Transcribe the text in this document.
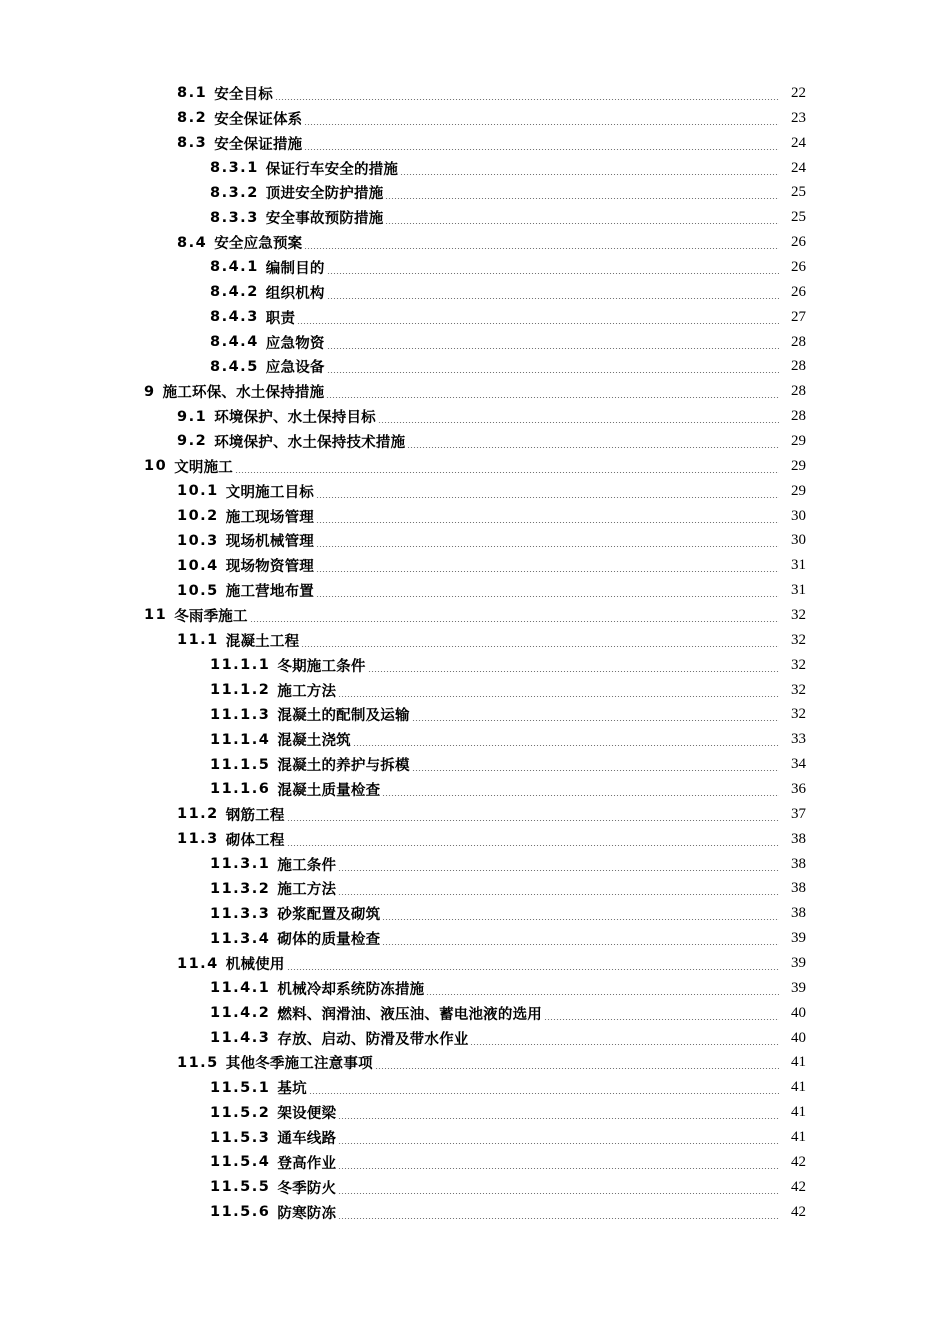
8.1 安全目标	22
8.2 安全保证体系	23
8.3 安全保证措施	24
8.3.1 保证行车安全的措施	24
8.3.2 顶进安全防护措施	25
8.3.3 安全事故预防措施	25
8.4 安全应急预案	26
8.4.1 编制目的	26
8.4.2 组织机构	26
8.4.3 职责	27
8.4.4 应急物资	28
8.4.5 应急设备	28
9 施工环保、水土保持措施	28
9.1 环境保护、水土保持目标	28
9.2 环境保护、水土保持技术措施	29
10 文明施工	29
10.1 文明施工目标	29
10.2 施工现场管理	30
10.3 现场机械管理	30
10.4 现场物资管理	31
10.5 施工营地布置	31
11 冬雨季施工	32
11.1 混凝土工程	32
11.1.1 冬期施工条件	32
11.1.2 施工方法	32
11.1.3 混凝土的配制及运输	32
11.1.4 混凝土浇筑	33
11.1.5 混凝土的养护与拆模	34
11.1.6 混凝土质量检查	36
11.2 钢筋工程	37
11.3 砌体工程	38
11.3.1 施工条件	38
11.3.2 施工方法	38
11.3.3 砂浆配置及砌筑	38
11.3.4 砌体的质量检查	39
11.4 机械使用	39
11.4.1 机械冷却系统防冻措施	39
11.4.2 燃料、润滑油、液压油、蓄电池液的选用	40
11.4.3 存放、启动、防滑及带水作业	40
11.5 其他冬季施工注意事项	41
11.5.1 基坑	41
11.5.2 架设便梁	41
11.5.3 通车线路	41
11.5.4 登高作业	42
11.5.5 冬季防火	42
11.5.6 防寒防冻	42
